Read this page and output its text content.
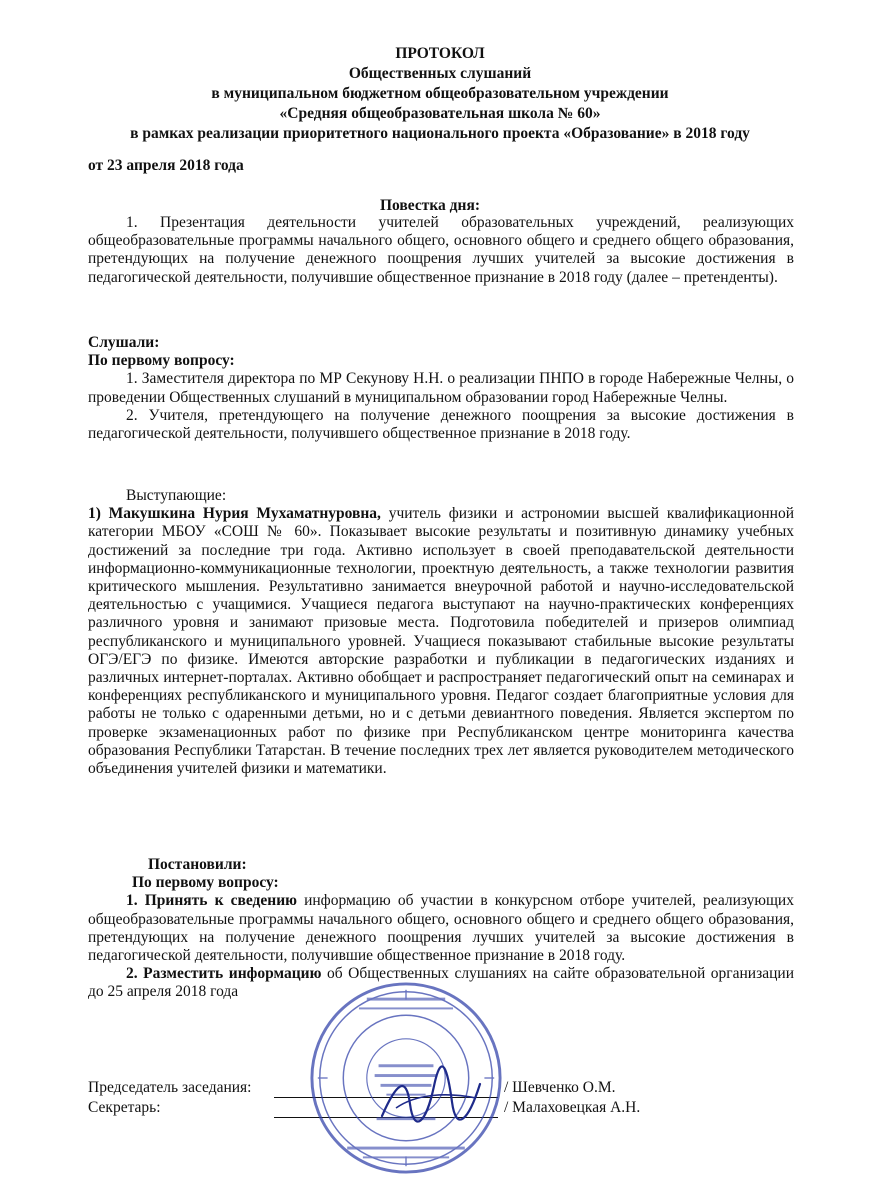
ПРОТОКОЛ
Общественных слушаний
в муниципальном бюджетном общеобразовательном учреждении
«Средняя общеобразовательная школа № 60»
в рамках реализации приоритетного национального проекта «Образование» в 2018 году
от 23 апреля 2018 года
Повестка дня:
1. Презентация деятельности учителей образовательных учреждений, реализующих общеобразовательные программы начального общего, основного общего и среднего общего образования, претендующих на получение денежного поощрения лучших учителей за высокие достижения в педагогической деятельности, получившие общественное признание в 2018 году (далее – претенденты).
Слушали:
По первому вопросу:
1. Заместителя директора по МР Секунову Н.Н. о реализации ПНПО в городе Набережные Челны, о проведении Общественных слушаний в муниципальном образовании город Набережные Челны.
2. Учителя, претендующего на получение денежного поощрения за высокие достижения в педагогической деятельности, получившего общественное признание в 2018 году.
Выступающие:
1) Макушкина Нурия Мухаматнуровна, учитель физики и астрономии высшей квалификационной категории МБОУ «СОШ № 60». Показывает высокие результаты и позитивную динамику учебных достижений за последние три года. Активно использует в своей преподавательской деятельности информационно-коммуникационные технологии, проектную деятельность, а также технологии развития критического мышления. Результативно занимается внеурочной работой и научно-исследовательской деятельностью с учащимися. Учащиеся педагога выступают на научно-практических конференциях различного уровня и занимают призовые места. Подготовила победителей и призеров олимпиад республиканского и муниципального уровней. Учащиеся показывают стабильные высокие результаты ОГЭ/ЕГЭ по физике. Имеются авторские разработки и публикации в педагогических изданиях и различных интернет-порталах. Активно обобщает и распространяет педагогический опыт на семинарах и конференциях республиканского и муниципального уровня. Педагог создает благоприятные условия для работы не только с одаренными детьми, но и с детьми девиантного поведения. Является экспертом по проверке экзаменационных работ по физике при Республиканском центре мониторинга качества образования Республики Татарстан. В течение последних трех лет является руководителем методического объединения учителей физики и математики.
Постановили:
По первому вопросу:
1. Принять к сведению информацию об участии в конкурсном отборе учителей, реализующих общеобразовательные программы начального общего, основного общего и среднего общего образования, претендующих на получение денежного поощрения лучших учителей за высокие достижения в педагогической деятельности, получившие общественное признание в 2018 году.
2. Разместить информацию об Общественных слушаниях на сайте образовательной организации до 25 апреля 2018 года
Председатель заседания:	/ Шевченко О.М.
Секретарь:	/ Малаховецкая А.Н.
